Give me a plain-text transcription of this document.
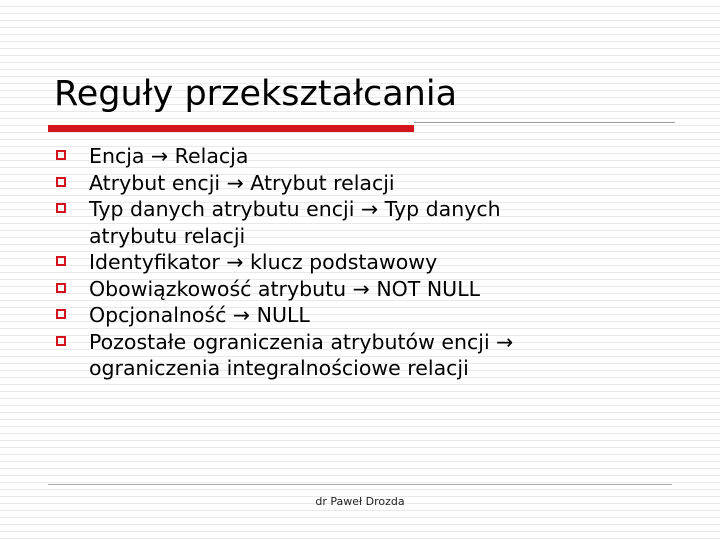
Reguły przekształcania
Encja → Relacja
Atrybut encji → Atrybut relacji
Typ danych atrybutu encji → Typ danych
atrybutu relacji
Identyfikator → klucz podstawowy
Obowiązkowość atrybutu → NOT NULL
Opcjonalność → NULL
Pozostałe ograniczenia atrybutów encji →
ograniczenia integralnościowe relacji
dr Paweł Drozda
